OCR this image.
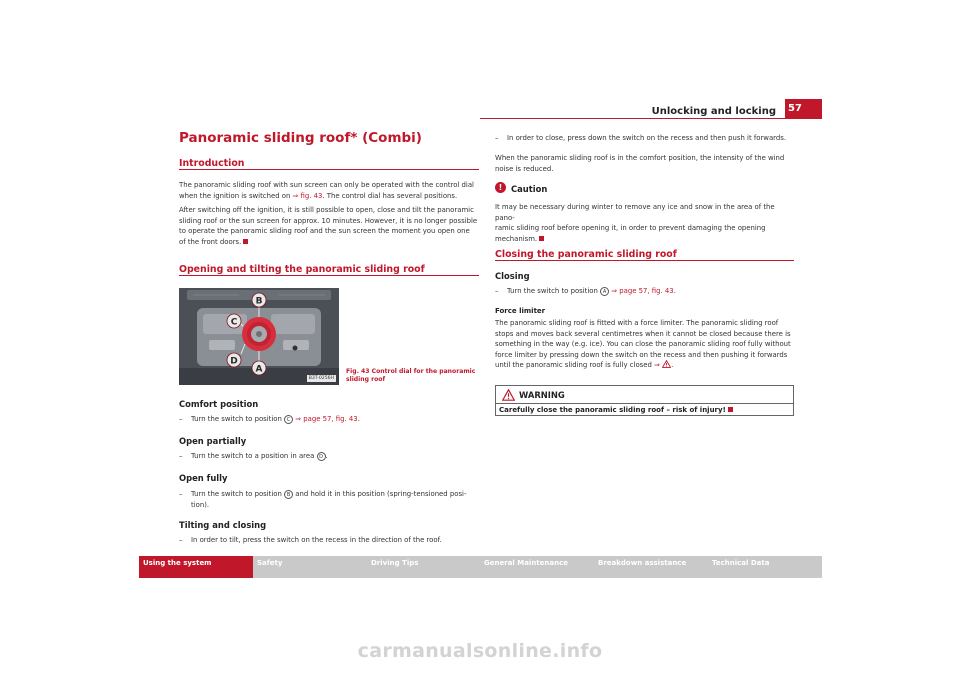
Unlocking and locking	57
Panoramic sliding roof* (Combi)
Introduction
The panoramic sliding roof with sun screen can only be operated with the control dial
when the ignition is switched on ⇒ fig. 43. The control dial has several positions.
After switching off the ignition, it is still possible to open, close and tilt the panoramic
sliding roof or the sun screen for approx. 10 minutes. However, it is no longer possible
to operate the panoramic sliding roof and the sun screen the moment you open one
of the front doors.
Opening and tilting the panoramic sliding roof
B
C
D
A
B3T-0256H
Fig. 43 Control dial for the panoramic
sliding roof
Comfort position
–	Turn the switch to position C ⇒ page 57, fig. 43.
Open partially
–	Turn the switch to a position in area D .
Open fully
–	Turn the switch to position B and hold it in this position (spring-tensioned posi-
tion).
Tilting and closing
–	In order to tilt, press the switch on the recess in the direction of the roof.
–	In order to close, press down the switch on the recess and then push it forwards.
When the panoramic sliding roof is in the comfort position, the intensity of the wind
noise is reduced.
!	Caution
It may be necessary during winter to remove any ice and snow in the area of the pano-
ramic sliding roof before opening it, in order to prevent damaging the opening
mechanism.
Closing the panoramic sliding roof
Closing
–	Turn the switch to position A ⇒ page 57, fig. 43.
Force limiter
The panoramic sliding roof is fitted with a force limiter. The panoramic sliding roof
stops and moves back several centimetres when it cannot be closed because there is
something in the way (e.g. ice). You can close the panoramic sliding roof fully without
force limiter by pressing down the switch on the recess and then pushing it forwards
until the panoramic sliding roof is fully closed ⇒ .
WARNING
Carefully close the panoramic sliding roof – risk of injury!
Using the system	Safety	Driving Tips	General Maintenance	Breakdown assistance	Technical Data
carmanualsonline.info
